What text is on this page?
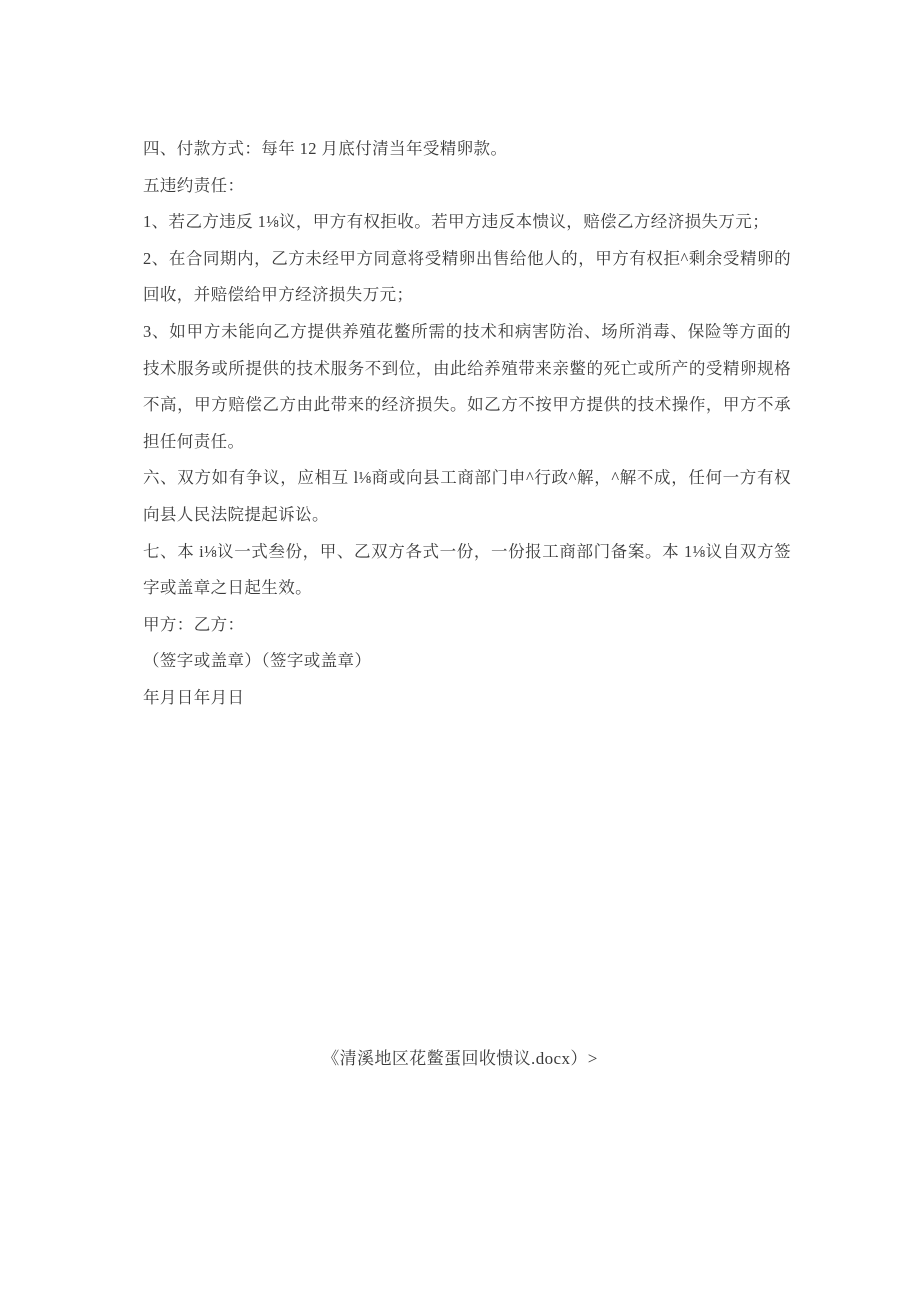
四、付款方式：每年 12 月底付清当年受精卵款。

五违约责任：

1、若乙方违反 1⅛议，甲方有权拒收。若甲方违反本愦议，赔偿乙方经济损失万元；

2、在合同期内，乙方未经甲方同意将受精卵出售给他人的，甲方有权拒^剩余受精卵的回收，并赔偿给甲方经济损失万元；

3、如甲方未能向乙方提供养殖花鳖所需的技术和病害防治、场所消毒、保险等方面的技术服务或所提供的技术服务不到位，由此给养殖带来亲鳖的死亡或所产的受精卵规格不高，甲方赔偿乙方由此带来的经济损失。如乙方不按甲方提供的技术操作，甲方不承担任何责任。

六、双方如有争议，应相互 l⅛商或向县工商部门申^行政^解，^解不成，任何一方有权向县人民法院提起诉讼。

七、本 i⅛议一式叁份，甲、乙双方各式一份，一份报工商部门备案。本 1⅛议自双方签字或盖章之日起生效。

甲方：乙方：

（签字或盖章）（签字或盖章）

年月日年月日

《清溪地区花鳖蛋回收愦议.docx）>
